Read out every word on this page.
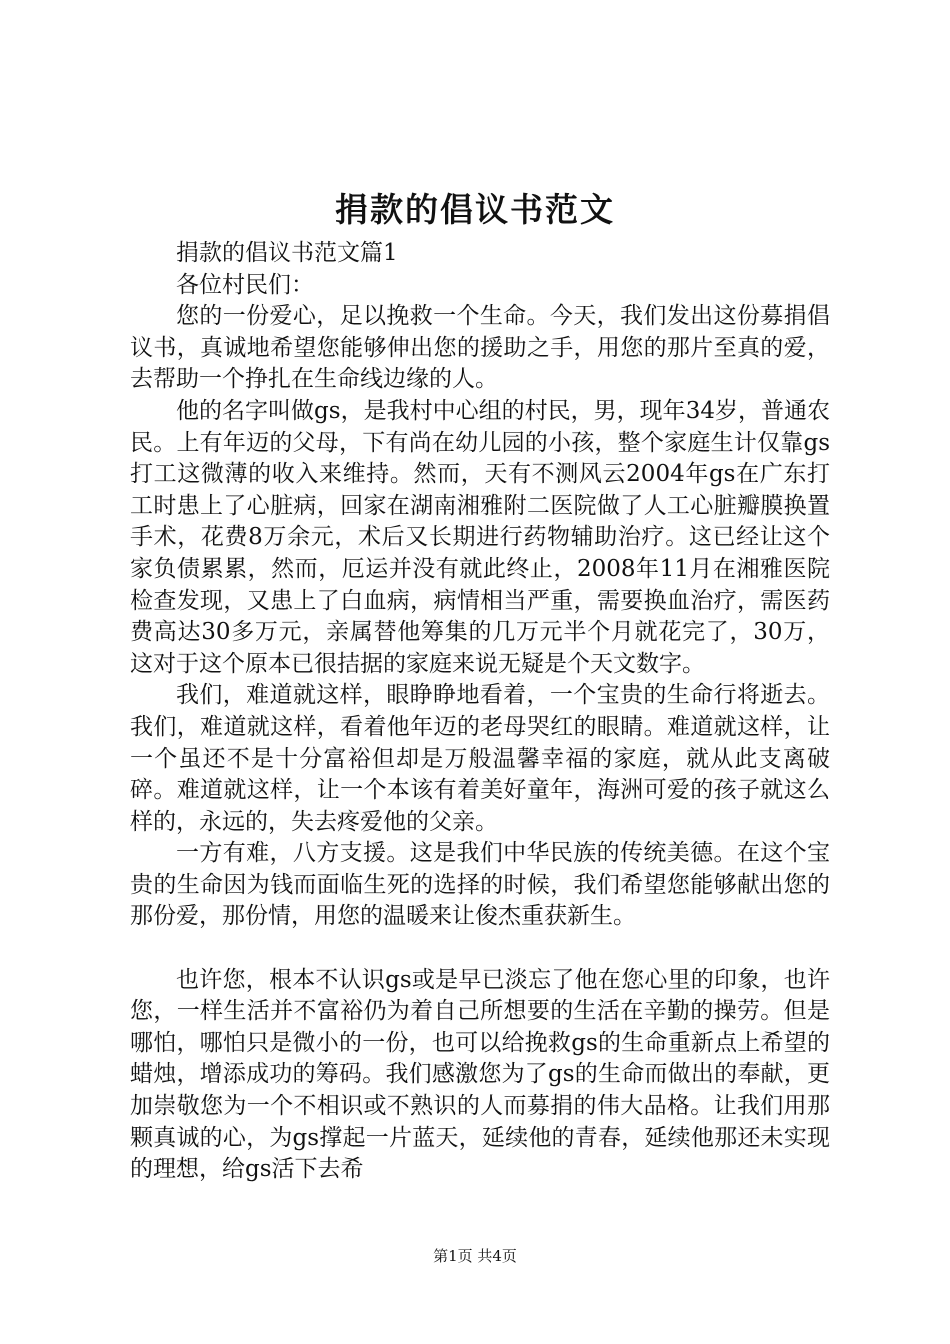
捐款的倡议书范文

捐款的倡议书范文篇1

各位村民们：

您的一份爱心，足以挽救一个生命。今天，我们发出这份募捐倡议书，真诚地希望您能够伸出您的援助之手，用您的那片至真的爱，去帮助一个挣扎在生命线边缘的人。

他的名字叫做gs，是我村中心组的村民，男，现年34岁，普通农民。上有年迈的父母，下有尚在幼儿园的小孩，整个家庭生计仅靠gs打工这微薄的收入来维持。然而，天有不测风云2004年gs在广东打工时患上了心脏病，回家在湖南湘雅附二医院做了人工心脏瓣膜换置手术，花费8万余元，术后又长期进行药物辅助治疗。这已经让这个家负债累累，然而，厄运并没有就此终止，2008年11月在湘雅医院检查发现，又患上了白血病，病情相当严重，需要换血治疗，需医药费高达30多万元，亲属替他筹集的几万元半个月就花完了，30万，这对于这个原本已很拮据的家庭来说无疑是个天文数字。

我们，难道就这样，眼睁睁地看着，一个宝贵的生命行将逝去。我们，难道就这样，看着他年迈的老母哭红的眼睛。难道就这样，让一个虽还不是十分富裕但却是万般温馨幸福的家庭，就从此支离破碎。难道就这样，让一个本该有着美好童年，海洲可爱的孩子就这么样的，永远的，失去疼爱他的父亲。

一方有难，八方支援。这是我们中华民族的传统美德。在这个宝贵的生命因为钱而面临生死的选择的时候，我们希望您能够献出您的那份爱，那份情，用您的温暖来让俊杰重获新生。

也许您，根本不认识gs或是早已淡忘了他在您心里的印象，也许您，一样生活并不富裕仍为着自己所想要的生活在辛勤的操劳。但是哪怕，哪怕只是微小的一份，也可以给挽救gs的生命重新点上希望的蜡烛，增添成功的筹码。我们感激您为了gs的生命而做出的奉献，更加崇敬您为一个不相识或不熟识的人而募捐的伟大品格。让我们用那颗真诚的心，为gs撑起一片蓝天，延续他的青春，延续他那还未实现的理想，给gs活下去希

第1页 共4页
